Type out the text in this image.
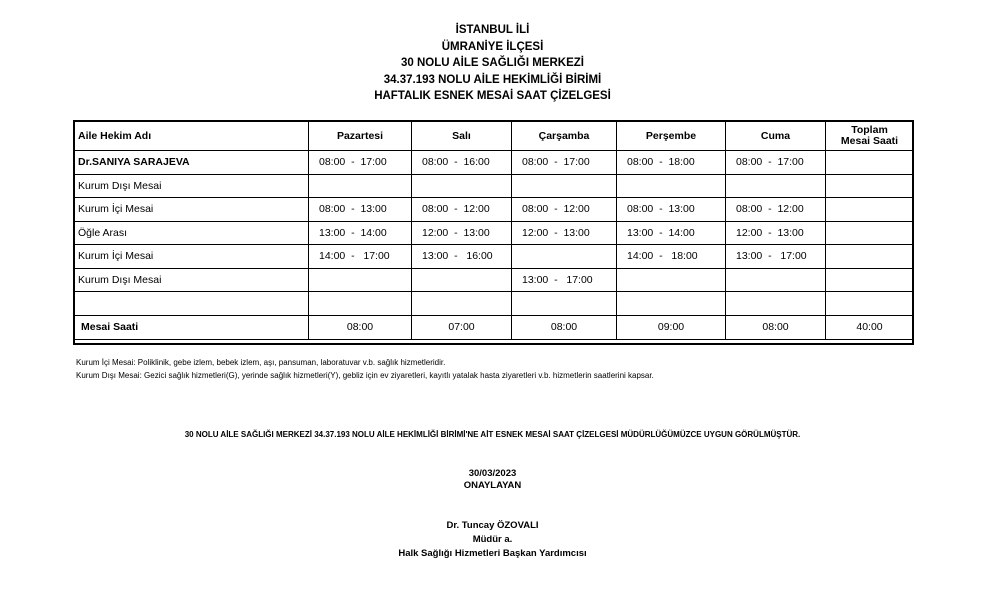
İSTANBUL İLİ
ÜMRANİYE İLÇESİ
30 NOLU AİLE SAĞLIĞI MERKEZİ
34.37.193 NOLU AİLE HEKİMLİĞİ BİRİMİ
HAFTALIK ESNEK MESAİ SAAT ÇİZELGESİ
Aile Hekim Adı	Pazartesi	Salı	Çarşamba	Perşembe	Cuma	Toplam
Mesai Saati
Dr.SANIYA SARAJEVA	08:00  -  17:00	08:00  -  16:00	08:00  -  17:00	08:00  -  18:00	08:00  -  17:00	
Kurum Dışı Mesai						
Kurum İçi Mesai	08:00  -  13:00	08:00  -  12:00	08:00  -  12:00	08:00  -  13:00	08:00  -  12:00	
Öğle Arası	13:00  -  14:00	12:00  -  13:00	12:00  -  13:00	13:00  -  14:00	12:00  -  13:00	
Kurum İçi Mesai	14:00  -   17:00	13:00  -   16:00		14:00  -   18:00	13:00  -   17:00	
Kurum Dışı Mesai			13:00  -   17:00			

Mesai Saati	08:00	07:00	08:00	09:00	08:00	40:00
Kurum İçi Mesai: Poliklinik, gebe izlem, bebek izlem, aşı, pansuman, laboratuvar v.b. sağlık hizmetleridir.
Kurum Dışı Mesai: Gezici sağlık hizmetleri(G), yerinde sağlık hizmetleri(Y), gebliz için ev ziyaretleri, kayıtlı yatalak hasta ziyaretleri v.b. hizmetlerin saatlerini kapsar.
30 NOLU AİLE SAĞLIĞI MERKEZİ 34.37.193 NOLU AİLE HEKİMLİĞİ BİRİMİ'NE AİT ESNEK MESAİ SAAT ÇİZELGESİ MÜDÜRLÜĞÜMÜZCE UYGUN GÖRÜLMÜŞTÜR.
30/03/2023
ONAYLAYAN
Dr. Tuncay ÖZOVALI
Müdür a.
Halk Sağlığı Hizmetleri Başkan Yardımcısı
